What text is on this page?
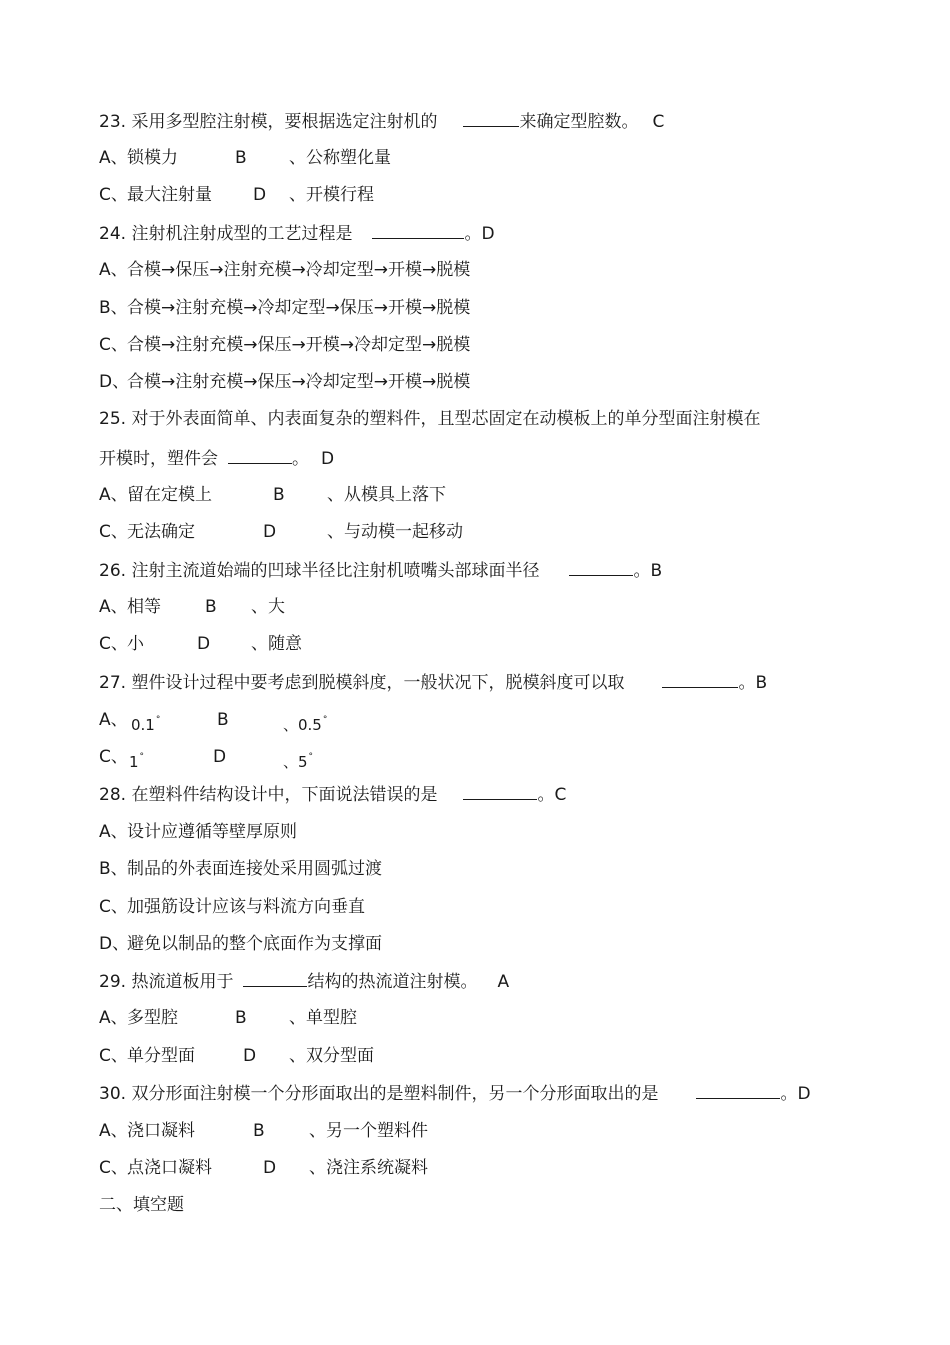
23. 采用多型腔注射模，要根据选定注射机的	来确定型腔数。 C
A、 锁模力	B 、公称塑化量
C、 最大注射量 D 、开模行程
24. 注射机注射成型的工艺过程是	。D
A、 合模→保压→注射充模→冷却定型→开模→脱模
B、 合模→注射充模→冷却定型→保压→开模→脱模
C、 合模→注射充模→保压→开模→冷却定型→脱模
D、
合模→注射充模→保压→冷却定型→开模→脱模
25. 对于外表面简单、内表面复杂的塑料件，且型芯固定在动模板上的单分型面注射模在
开模时，塑件会	。 D
A、 留在定模上	B 、从模具上落下
C、 无法确定	D	、与动模一起移动
26. 注射主流道始端的凹球半径比注射机喷嘴头部球面半径	。B
A、 相等	B 、大
C、 小	D 、随意
27. 塑件设计过程中要考虑到脱模斜度，一般状况下，脱模斜度可以取	。B
A、 0.1°	B	、0.5°
C、 1°	D	、5°
28. 在塑料件结构设计中，下面说法错误的是	。C
A、 设计应遵循等壁厚原则
B、 制品的外表面连接处采用圆弧过渡
C、 加强筋设计应该与料流方向垂直
D、
避免以制品的整个底面作为支撑面
29. 热流道板用于	结构的热流道注射模。 A
A、 多型腔	B 、单型腔
C、 单分型面	D 、双分型面
30. 双分形面注射模一个分形面取出的是塑料制件，另一个分形面取出的是	。D
A、 浇口凝料	B	、另一个塑料件
C、 点浇口凝料	D 、浇注系统凝料
二、填空题
